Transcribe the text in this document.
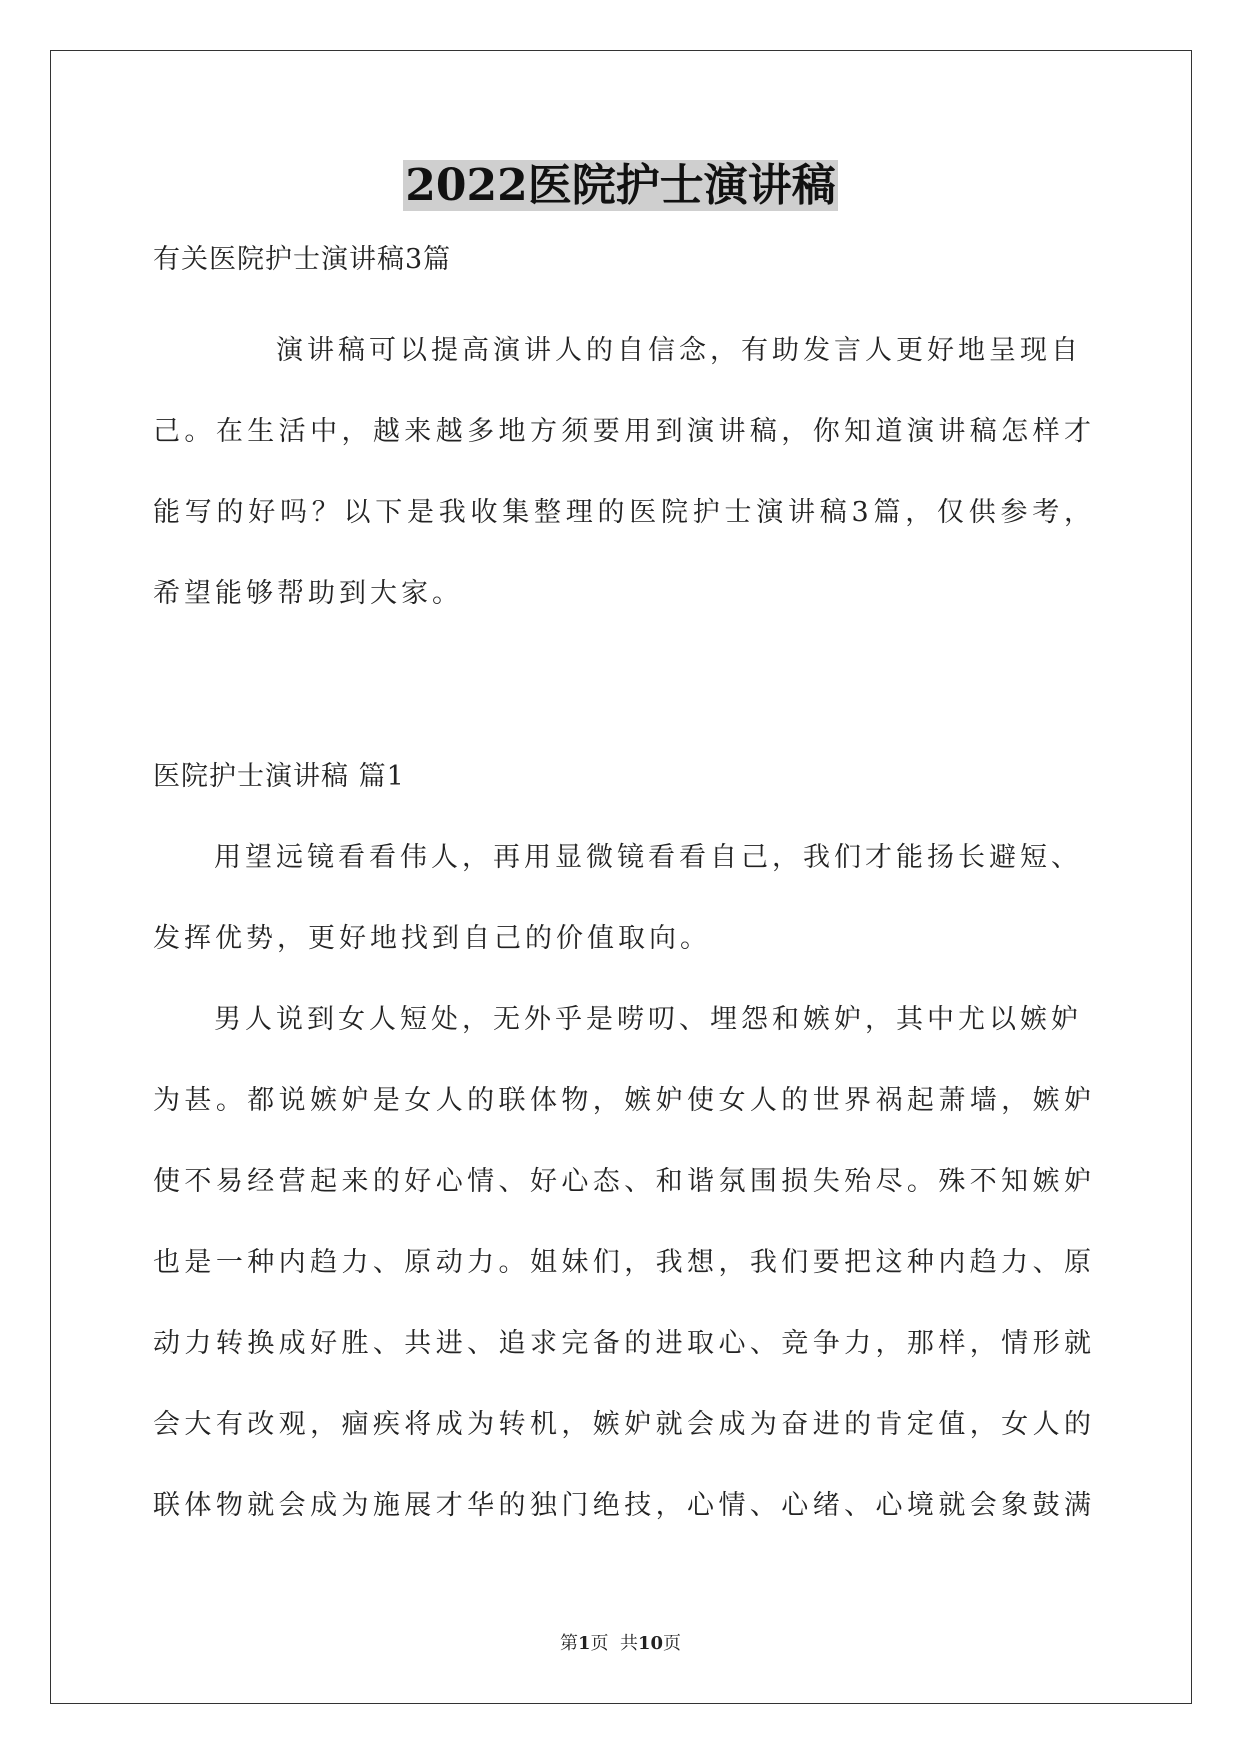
2022医院护士演讲稿
有关医院护士演讲稿3篇
演讲稿可以提高演讲人的自信念，有助发言人更好地呈现自
己。在生活中，越来越多地方须要用到演讲稿，你知道演讲稿怎样才
能写的好吗？以下是我收集整理的医院护士演讲稿3篇，仅供参考，
希望能够帮助到大家。
医院护士演讲稿 篇1
用望远镜看看伟人，再用显微镜看看自己，我们才能扬长避短、
发挥优势，更好地找到自己的价值取向。
男人说到女人短处，无外乎是唠叨、埋怨和嫉妒，其中尤以嫉妒
为甚。都说嫉妒是女人的联体物，嫉妒使女人的世界祸起萧墙，嫉妒
使不易经营起来的好心情、好心态、和谐氛围损失殆尽。殊不知嫉妒
也是一种内趋力、原动力。姐妹们，我想，我们要把这种内趋力、原
动力转换成好胜、共进、追求完备的进取心、竞争力，那样，情形就
会大有改观，痼疾将成为转机，嫉妒就会成为奋进的肯定值，女人的
联体物就会成为施展才华的独门绝技，心情、心绪、心境就会象鼓满
第1页  共10页
